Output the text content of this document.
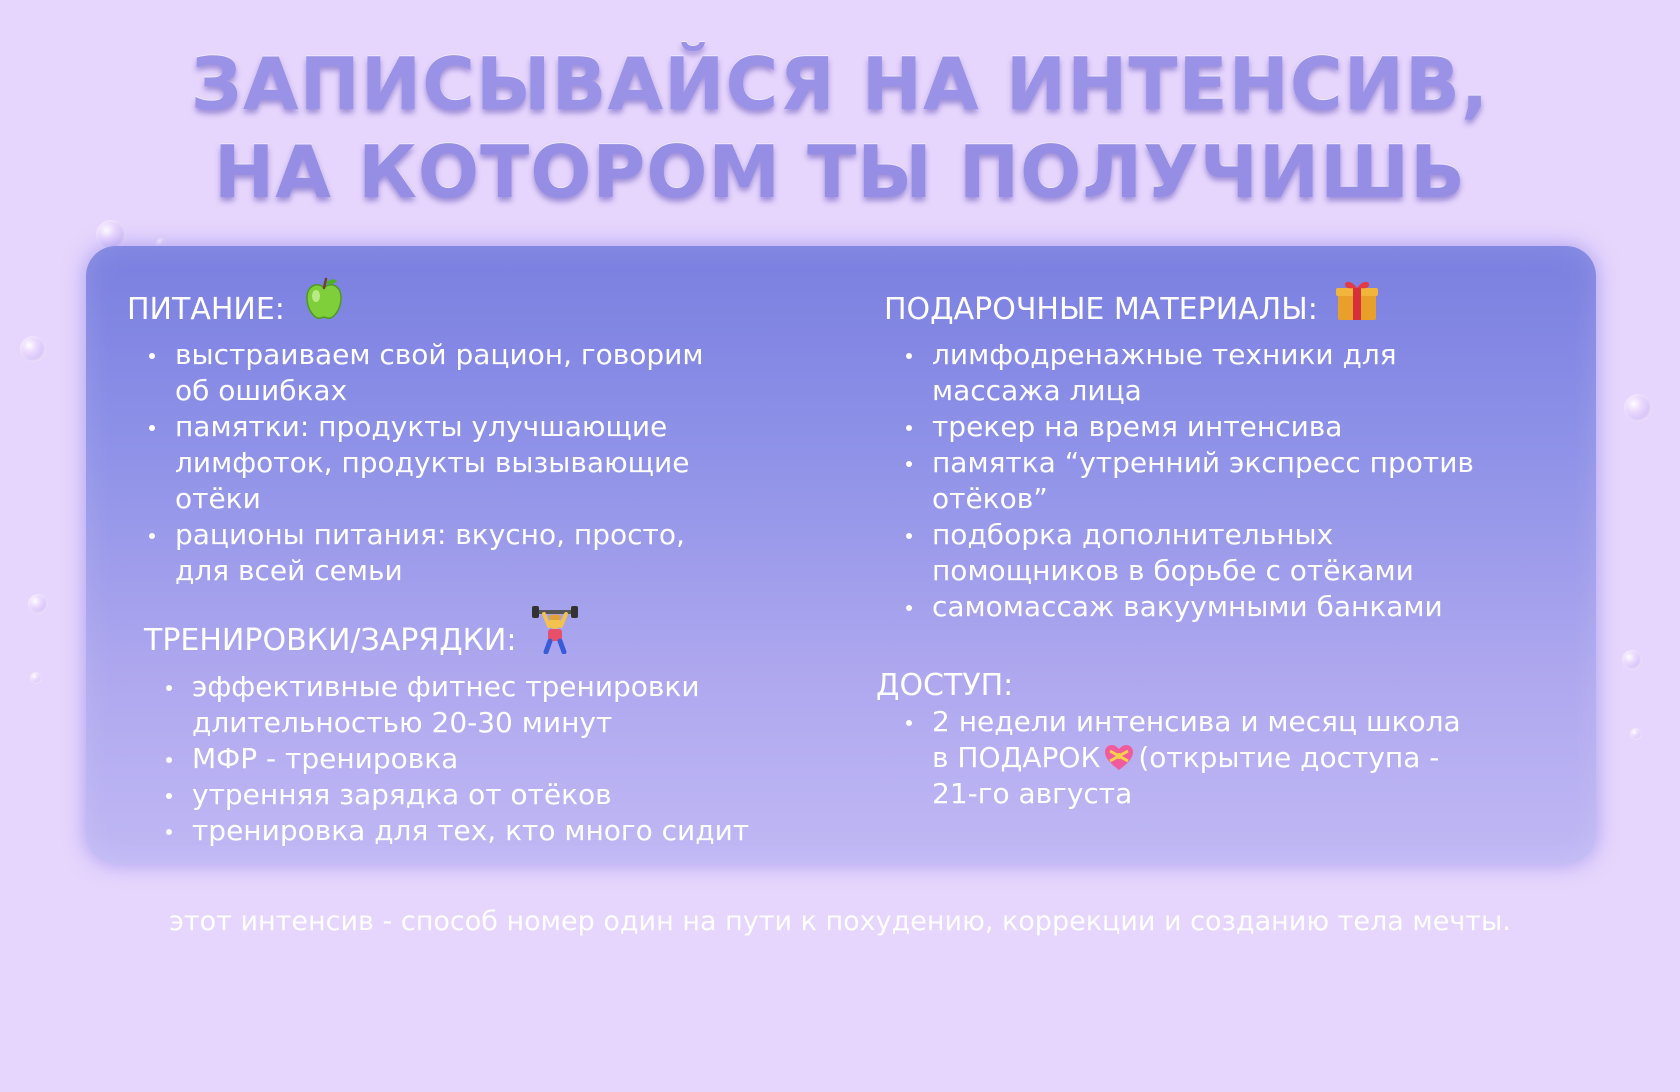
ЗАПИСЫВАЙСЯ НА ИНТЕНСИВ,
НА КОТОРОМ ТЫ ПОЛУЧИШЬ
ПИТАНИЕ:
выстраиваем свой рацион, говорим
об ошибках
памятки: продукты улучшающие
лимфоток, продукты вызывающие
отёки
рационы питания: вкусно, просто,
для всей семьи
ТРЕНИРОВКИ/ЗАРЯДКИ:
эффективные фитнес тренировки
длительностью 20-30 минут
МФР - тренировка
утренняя зарядка от отёков
тренировка для тех, кто много сидит
ПОДАРОЧНЫЕ МАТЕРИАЛЫ:
лимфодренажные техники для
массажа лица
трекер на время интенсива
памятка “утренний экспресс против
отёков”
подборка дополнительных
помощников в борьбе с отёками
самомассаж вакуумными банками
ДОСТУП:
2 недели интенсива и месяц школа
в ПОДАРОК (открытие доступа -
21-го августа

этот интенсив - способ номер один на пути к похудению, коррекции и созданию тела мечты.
